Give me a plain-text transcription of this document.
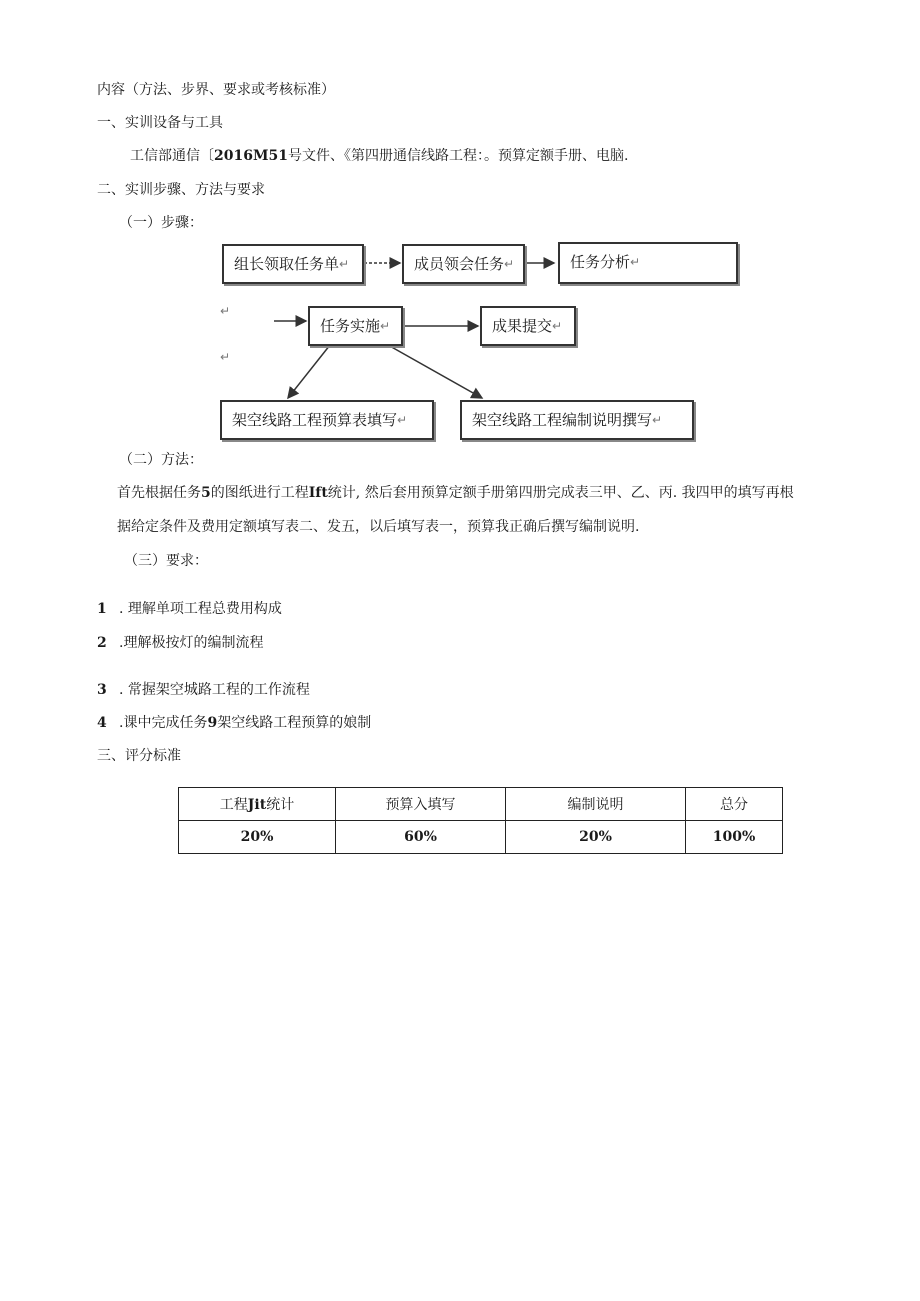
内容（方法、步界、要求或考核标准）
一、实训设备与工具
工信部通信〔2016M51号文件、《第四册通信线路工程：。预算定额手册、电脑.
二、实训步骤、方法与要求
（一）步骤：
组长领取任务单 ↵	成员领会任务 ↵	任务分析 ↵
↵
任务实施 ↵	成果提交 ↵
↵
架空线路工程预算表填写 ↵	架空线路工程编制说明撰写 ↵
（二）方法：
首先根据任务5的图纸进行工程Ift统计, 然后套用预算定额手册第四册完成表三甲、乙、丙. 我四甲的填写再根
据给定条件及费用定额填写表二、发五，以后填写表一，预算我正确后撰写编制说明.
（三）要求：
1 . 理解单项工程总费用构成
2 .理解极按灯的编制流程
3 . 常握架空城路工程的工作流程
4 .课中完成任务9架空线路工程预算的娘制
三、评分标准
工程Jit统计	预算入填写	编制说明	总分
20%	60%	20%	100%
